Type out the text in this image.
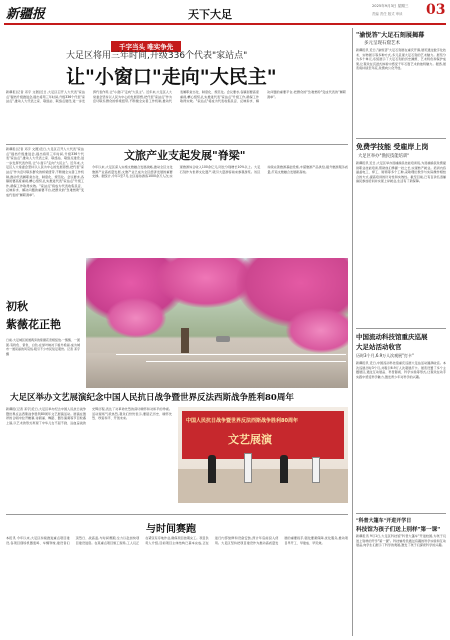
新疆报	天下大足
2025年9月3日 星期三
责编 责任 版式 审读	03
千字当头 唯实争先
大足区将用三年时间,升级336个代表"家站点"
让"小窗口"走向"大民主"
新疆报(记者 邓宇 文图)近日,大足区召开人大代表"家站点"提档升级推进会,提出将用三年时间,升级336个代表"家站点",推动人大代表之家、联络站、联络点建设,进一步发挥代表作用,让"小窗口"走向"大民主"。近年来,大足区人大常委会坚持以人民为中心的发展思想,把代表"家站点"作为密切联系群众的桥梁纽带,不断健全完善工作机制,推动代表履职常态化、制度化、规范化。会议要求,各镇街要高度重视,精心组织,扎实推进代表"家站点"升级工作,确保工作取得实效。"家站点"将成为代表收集民意、反映诉求、解决问题的重要平台,把群众的"急难愁盼"变成代表的"履职清单"。
新疆报(记者 邓宇 文图)近日,大足区召开人大代表"家站点"提档升级推进会,提出将用三年时间,升级336个代表"家站点",推动人大代表之家、联络站、联络点建设,进一步发挥代表作用,让"小窗口"走向"大民主"。近年来,大足区人大常委会坚持以人民为中心的发展思想,把代表"家站点"作为密切联系群众的桥梁纽带,不断健全完善工作机制,推动代表履职常态化、制度化、规范化。会议要求,各镇街要高度重视,精心组织,扎实推进代表"家站点"升级工作,确保工作取得实效。"家站点"将成为代表收集民意、反映诉求、解决问题的重要平台,把群众的"急难愁盼"变成代表的"履职清单"。
文旅产业支起发展"脊梁"
今年以来,大足区深入实施文旅融合发展战略,推动全区文化旅游产业高质量发展,文旅产业已成为全区经济发展的重要支撑。据统计,今年1至7月,全区接待游客1000余万人次,实现旅游综合收入100余亿元,同比分别增长10%以上。大足石刻作为世界文化遗产,吸引大量游客前来参观游览。该区持续完善旅游基础设施,丰富旅游产品供给,提升旅游服务质量,打造文旅融合发展新高地。
初秋
紫薇花正艳
日前,大足城区街道两旁的紫薇花竞相绽放,一簇簇、一团团,有粉色、紫色、白色,在绿叶映衬下格外艳丽,成为城市一道亮丽的风景线,吸引不少市民驻足观赏。记者 邓宇 摄
大足区举办文艺展演纪念中国人民抗日战争暨世界反法西斯战争胜利80周年
新疆报(记者 邓宇)近日,大足区举办纪念中国人民抗日战争暨世界反法西斯战争胜利80周年文艺展演活动。展演在激昂的合唱中拉开帷幕,诗朗诵、舞蹈、器乐演奏等节目轮番上演,以艺术的形式再现了中华儿女不屈不挠、浴血奋战的光辉历程,表达了对革命先烈的深切缅怀和对和平的珍视。活动现场气氛热烈,观众们纷纷表示,要铭记历史、缅怀先烈、珍爱和平、开创未来。	中国人民抗日战争暨世界反法西斯战争胜利80周年
文艺展演
与时间赛跑
本报讯 今年以来,大足区持续推进重点项目建设,各项目现场机器轰鸣、车辆穿梭,建设者们顶烈日、战高温,与时间赛跑,全力以赴加快项目建设进度。在某重点项目施工现场,工人们正在紧张有序地作业,确保项目按期完工。项目负责人介绍,目前项目主体结构已基本完成,正在进行内部装修和设备安装,预计年底前投入使用。大足区坚持把项目建设作为推动高质量发展的重要抓手,强化要素保障,优化服务,推动项目早开工、早建成、早见效。
"渝悦答"大足石刻展揭幕
多元呈现石窟艺术
新疆报讯 近日,"渝悦答"大足石刻展在重庆开幕,展览通过数字化技术、实物展示等多种方式,多元呈现大足石刻的艺术魅力。展览分为多个单元,系统展示了大足石刻的历史渊源、艺术特色和保护成果,让观众在沉浸式体验中感受千年石窟艺术的独特魅力。据悉,展览将持续至年底,免费向公众开放。
免费学技能 受雇岸上岗
大足区举办"渔民技能培训"
新疆报讯 近日,大足区举办退捕渔民技能培训班,为退捕渔民免费提供职业技能培训,帮助他们掌握一技之长,实现转产就业。培训内容涵盖电工、焊工、厨师等多个工种,采取理论教学与实际操作相结合的方式,提高培训的针对性和实效性。截至目前,已有百余名退捕渔民参加培训并实现上岸就业,生活有了新保障。
中国流动科技馆重庆巡展
大足站活动收官
历时3个月,6.9万人次观展"打卡"
新疆报讯 近日,中国流动科技馆重庆巡展大足站活动圆满收官。本次巡展历时3个月,共吸引6.9万人次观展打卡。展览设置了多个主题展区,通过互动展品、科普影视、科学实验等形式,让观众在动手实践中感受科学魅力,激发青少年对科学的兴趣。
"科普大篷车"开进开学日
科技馆为孩子们送上别样"第一课"
新疆报讯 9月1日,大足区科技馆"科普大篷车"开进校园,为孩子们送上别样的开学"第一课"。科技辅导员通过有趣的科学实验和互动展品,向学生们展示了科学的奥秘,激发了孩子们探索科学的兴趣。
